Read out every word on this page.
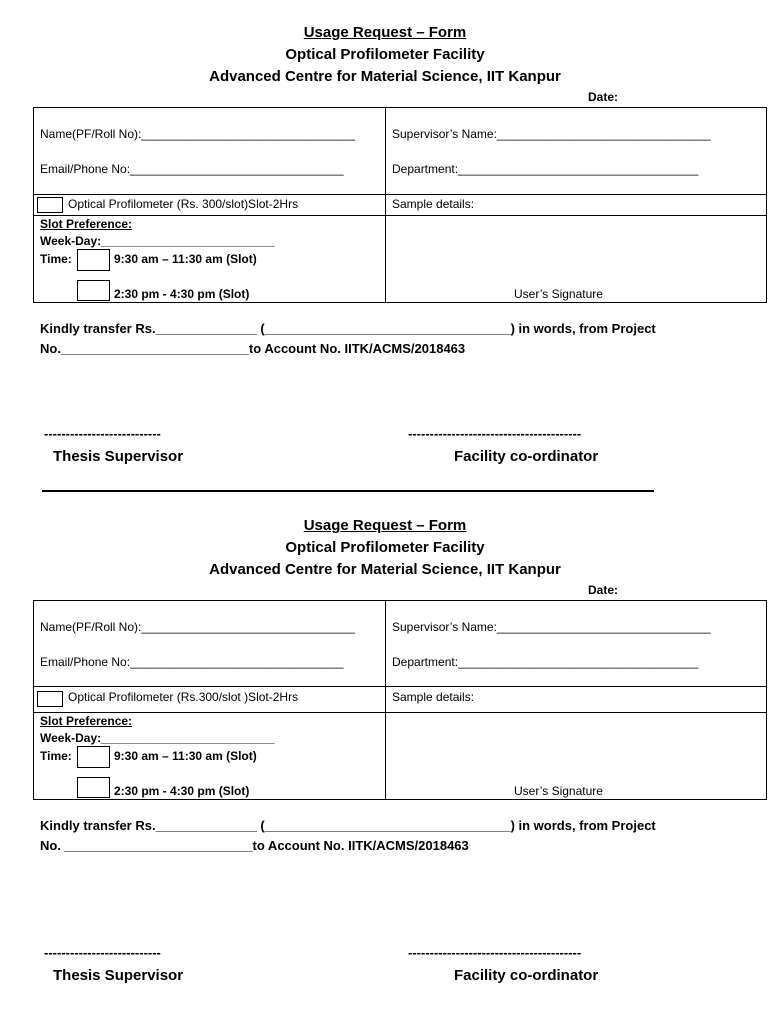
Usage Request – Form
Optical Profilometer Facility
Advanced Centre for Material Science, IIT Kanpur
Date:
Name(PF/Roll No):________________________________	Supervisor’s Name:________________________________
Email/Phone No:________________________________	Department:____________________________________
Optical Profilometer (Rs. 300/slot)Slot-2Hrs	Sample details:
Slot Preference:
Week-Day:__________________________
Time:	9:30 am – 11:30 am (Slot)
2:30 pm - 4:30 pm (Slot)	User’s Signature
Kindly transfer Rs.______________ (__________________________________) in words, from Project
No.__________________________to Account No. IITK/ACMS/2018463
---------------------------	----------------------------------------
Thesis Supervisor	Facility co-ordinator
Usage Request – Form
Optical Profilometer Facility
Advanced Centre for Material Science, IIT Kanpur
Date:
Name(PF/Roll No):________________________________	Supervisor’s Name:________________________________
Email/Phone No:________________________________	Department:____________________________________
Optical Profilometer (Rs.300/slot )Slot-2Hrs	Sample details:
Slot Preference:
Week-Day:__________________________
Time:	9:30 am – 11:30 am (Slot)
2:30 pm - 4:30 pm (Slot)	User’s Signature
Kindly transfer Rs.______________ (__________________________________) in words, from Project
No. __________________________to Account No. IITK/ACMS/2018463
---------------------------	----------------------------------------
Thesis Supervisor	Facility co-ordinator
